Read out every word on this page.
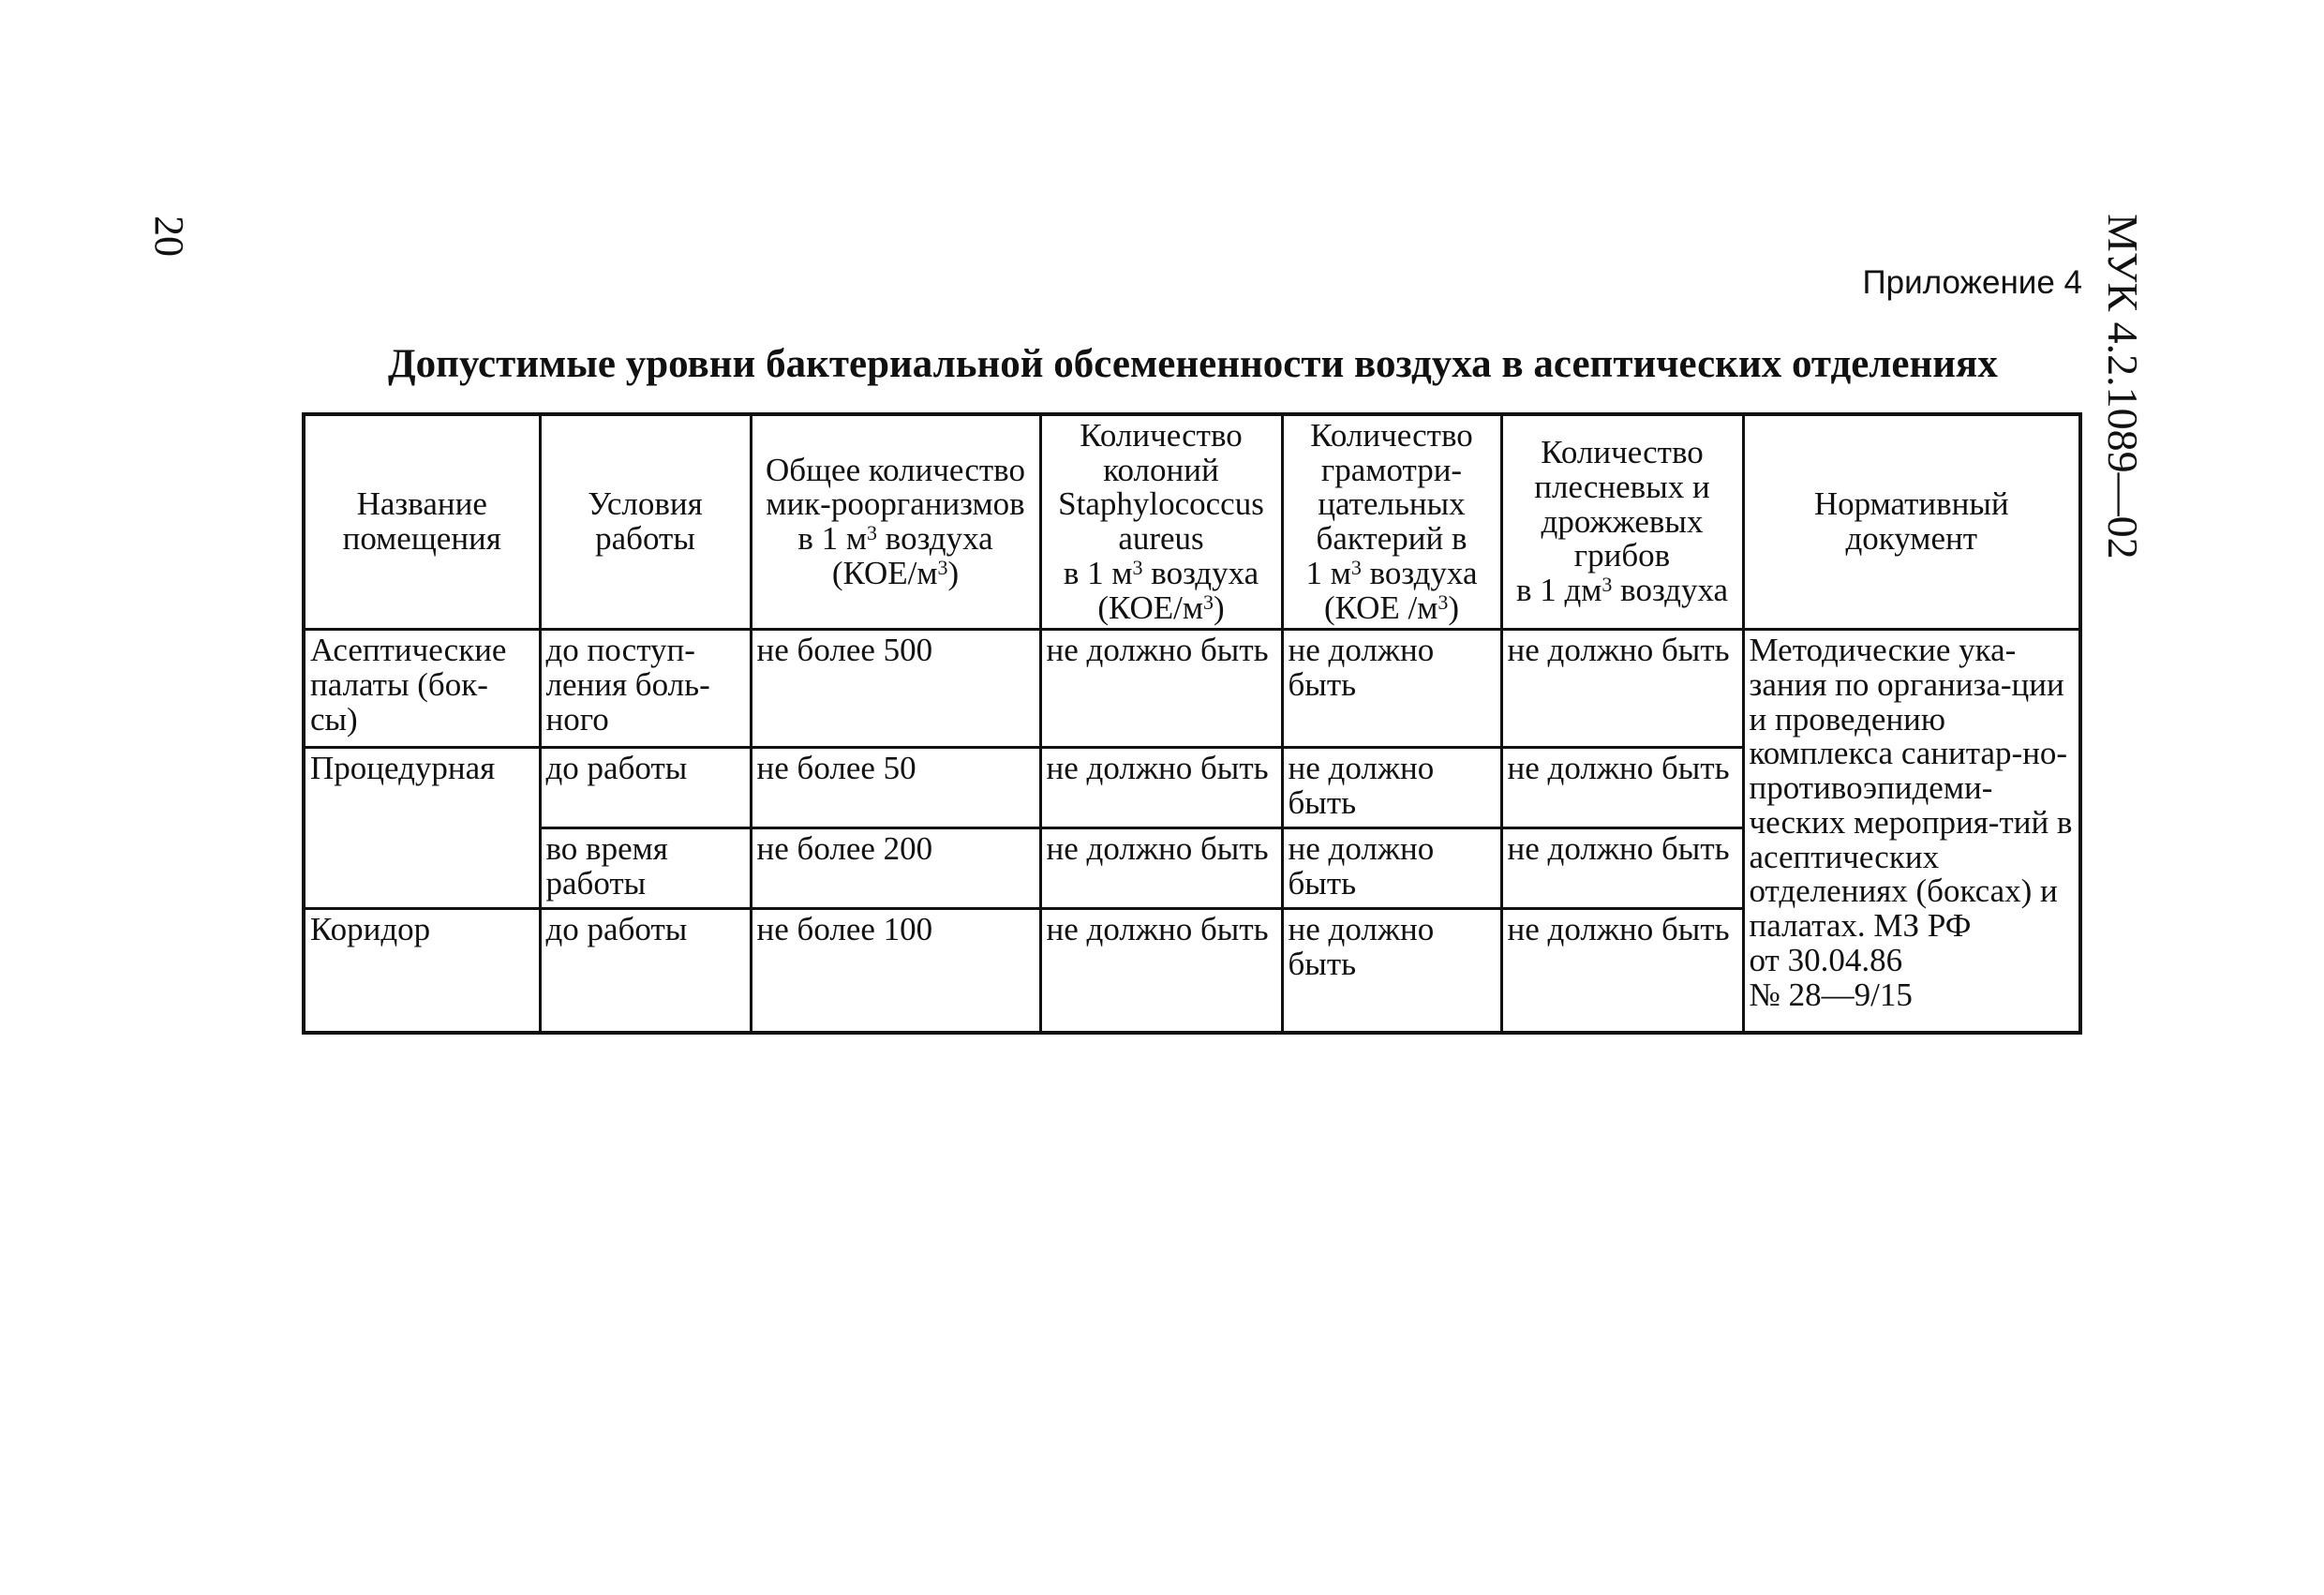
20	МУК 4.2.1089—02
Приложение 4
Допустимые уровни бактериальной обсемененности воздуха в асептических отделениях
Название помещения	Условия работы	Общее количество мик-роорганизмов
в 1 $м^3$ воздуха
$(КОЕ/м^3)$	Количество колоний Staphylococcus aureus
в 1 $м^3$ воздуха
$(КОЕ/м^3)$	Количество грамотри-цательных бактерий в
1 $м^3$ воздуха
(КОЕ $/м^3$)	Количество плесневых и дрожжевых грибов
в 1 $дм^3$ воздуха	Нормативный документ
Асептические палаты (бок-сы)	до поступ-ления боль-ного	не более 500	не должно быть	не должно быть	не должно быть	Методические ука-зания по организа-ции и проведению комплекса санитар-но-противоэпидеми-ческих мероприя-тий в асептических отделениях (боксах) и палатах. МЗ РФ
от 30.04.86
№ 28—9/15
Процедурная	до работы	не более 50	не должно быть	не должно быть	не должно быть	
	во время работы	не более 200	не должно быть	не должно быть	не должно быть	
Коридор	до работы	не более 100	не должно быть	не должно быть	не должно быть	
